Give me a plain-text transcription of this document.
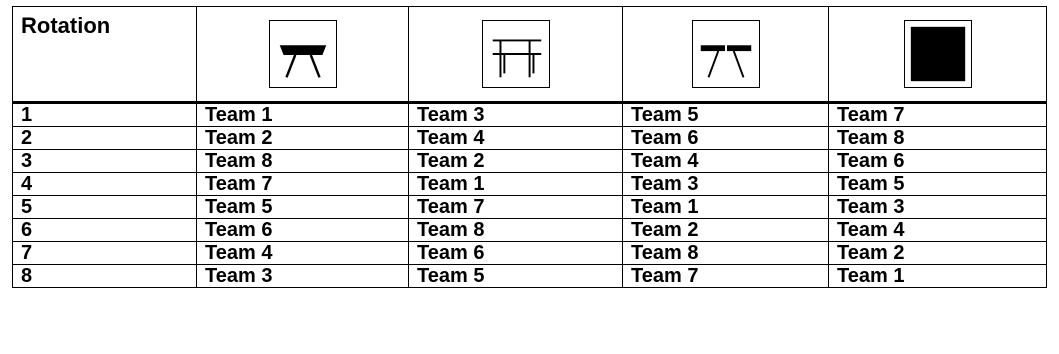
Rotation	

1	Team 1	Team 3	Team 5	Team 7
2	Team 2	Team 4	Team 6	Team 8
3	Team 8	Team 2	Team 4	Team 6
4	Team 7	Team 1	Team 3	Team 5
5	Team 5	Team 7	Team 1	Team 3
6	Team 6	Team 8	Team 2	Team 4
7	Team 4	Team 6	Team 8	Team 2
8	Team 3	Team 5	Team 7	Team 1
